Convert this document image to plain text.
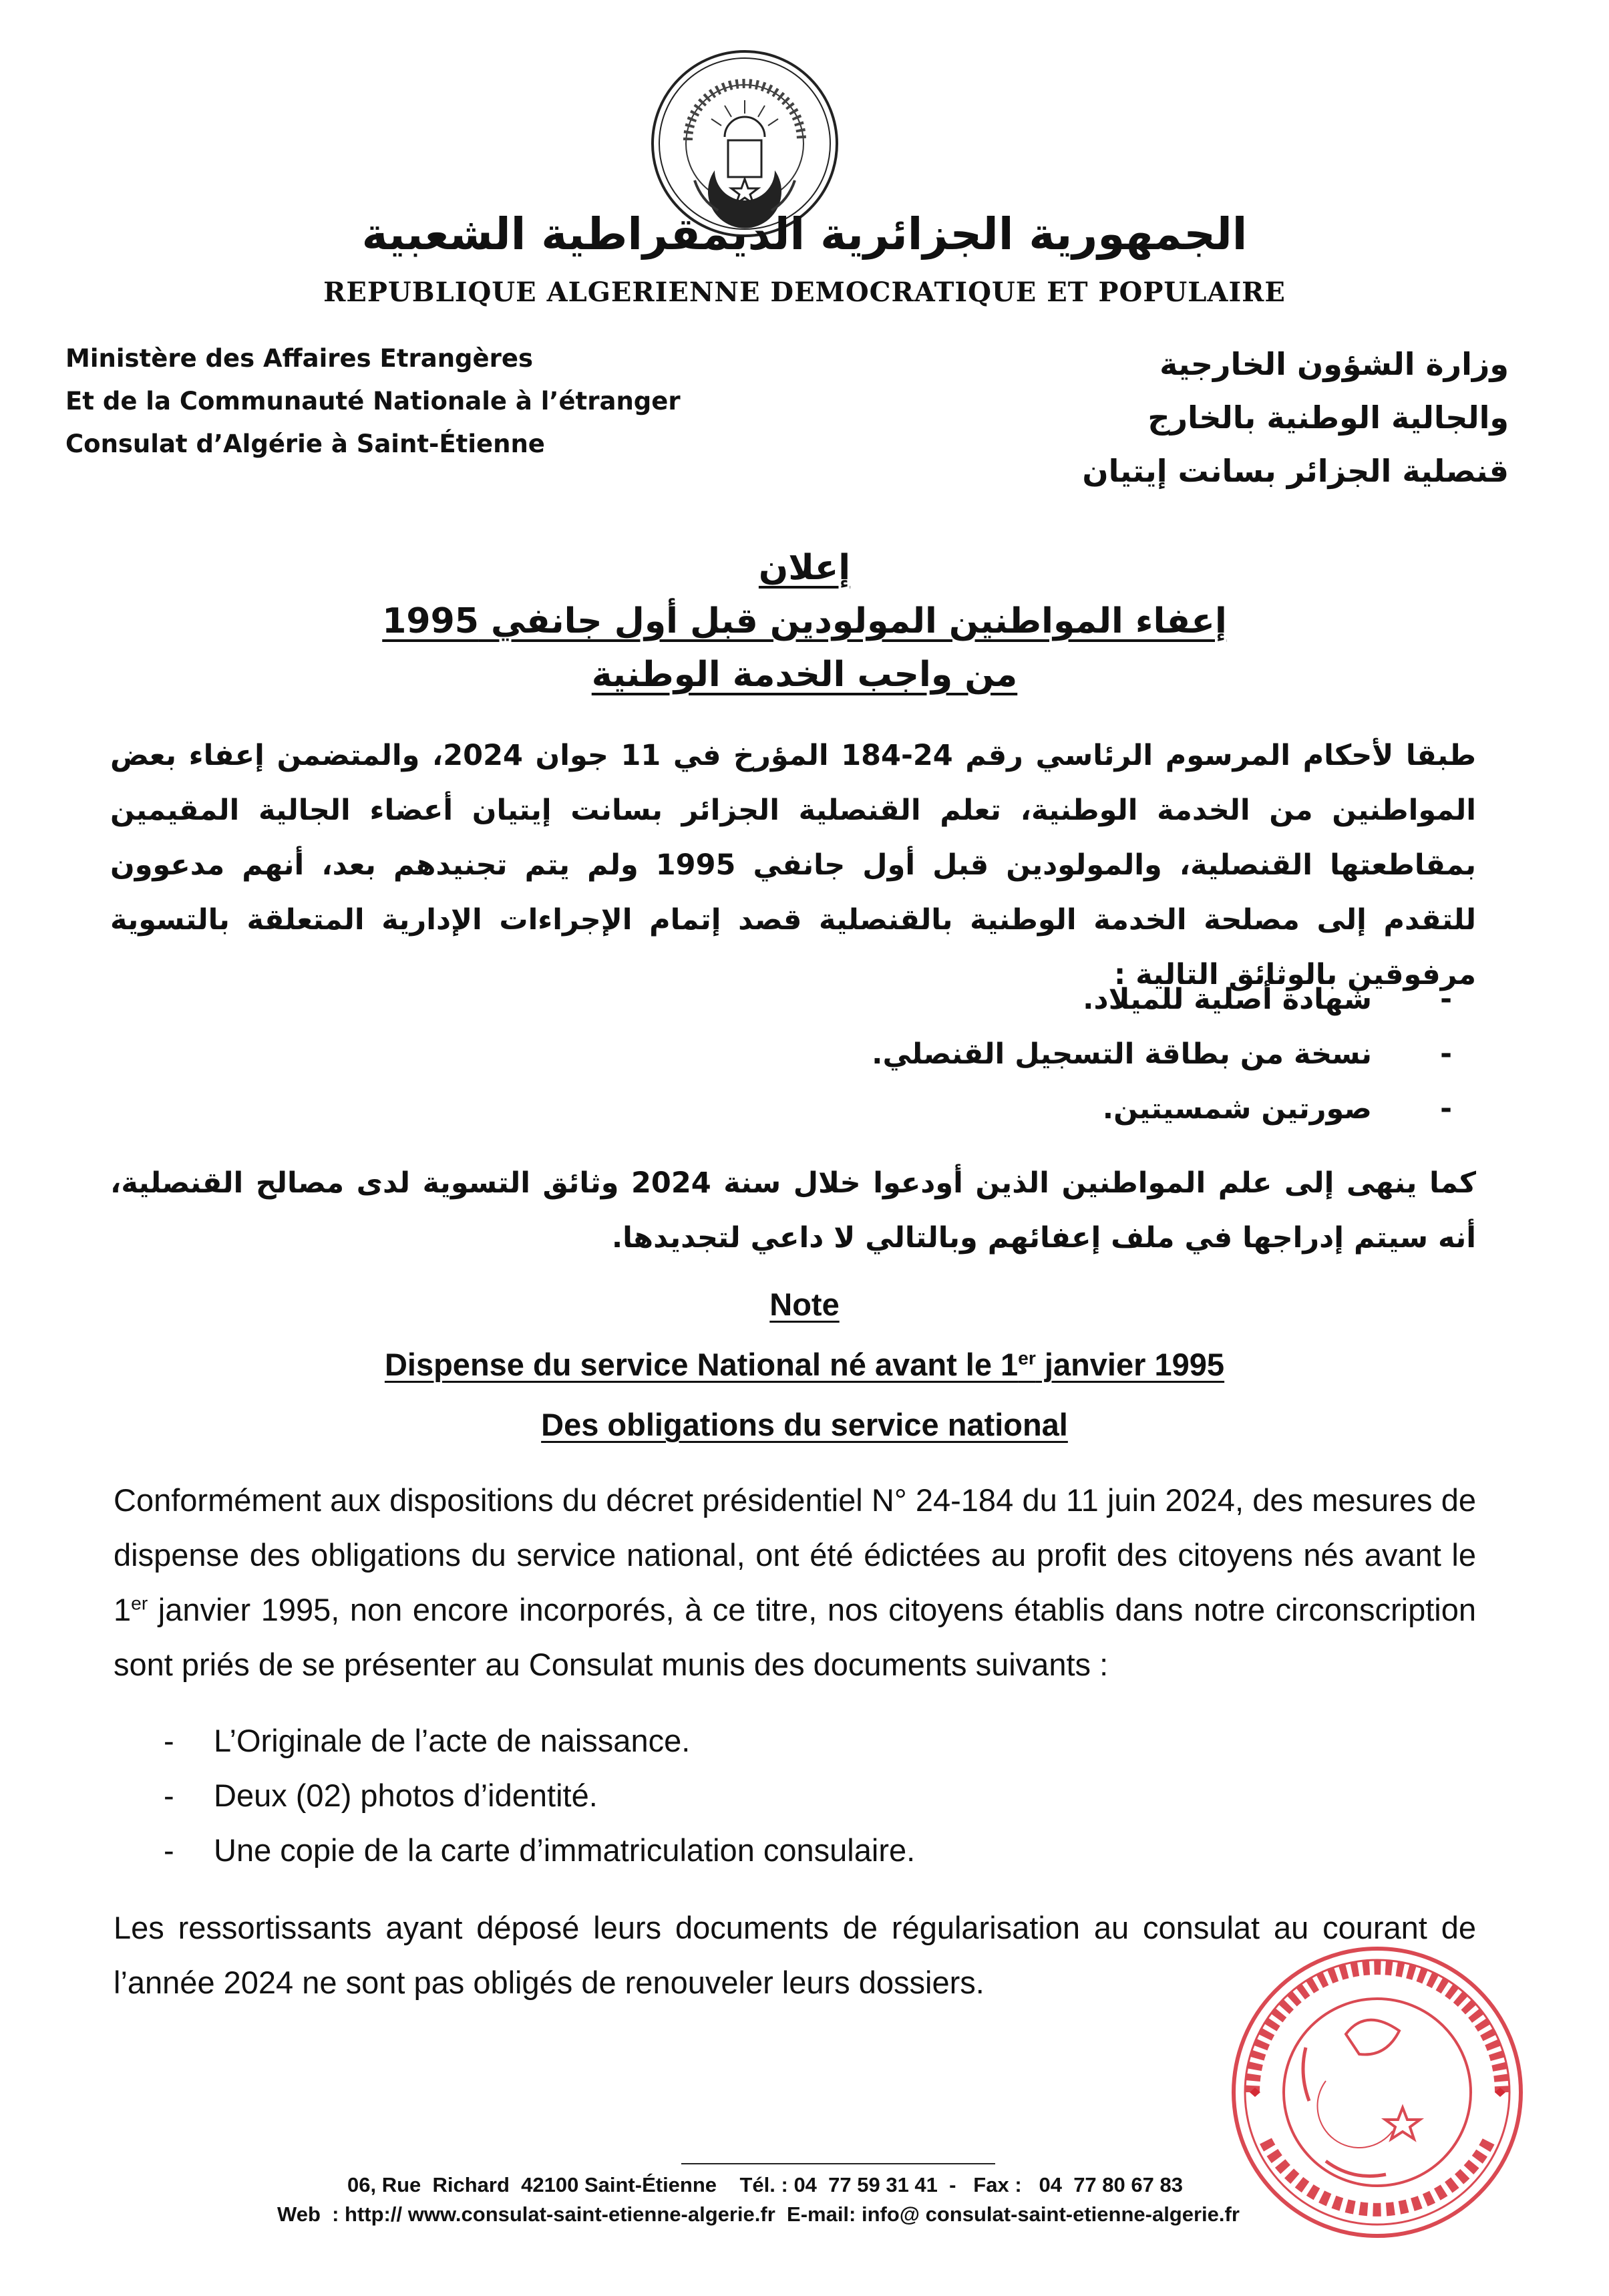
الجمهورية الجزائرية الديمقراطية الشعبية
REPUBLIQUE ALGERIENNE DEMOCRATIQUE ET POPULAIRE
Ministère des Affaires Etrangères
Et de la Communauté Nationale à l’étranger
Consulat d’Algérie à Saint-Étienne
وزارة الشؤون الخارجية
والجالية الوطنية بالخارج
قنصلية الجزائر بسانت إيتيان
إعلان
إعفاء المواطنين المولودين قبل أول جانفي 1995
من واجب الخدمة الوطنية
طبقا لأحكام المرسوم الرئاسي رقم 24-184 المؤرخ في 11 جوان 2024، والمتضمن إعفاء بعض المواطنين من الخدمة الوطنية، تعلم القنصلية الجزائر بسانت إيتيان أعضاء الجالية المقيمين بمقاطعتها القنصلية، والمولودين قبل أول جانفي 1995 ولم يتم تجنيدهم بعد، أنهم مدعوون للتقدم إلى مصلحة الخدمة الوطنية بالقنصلية قصد إتمام الإجراءات الإدارية المتعلقة بالتسوية مرفوقين بالوثائق التالية :
-
شهادة أصلية للميلاد.
-
نسخة من بطاقة التسجيل القنصلي.
-
صورتين شمسيتين.
كما ينهى إلى علم المواطنين الذين أودعوا خلال سنة 2024 وثائق التسوية لدى مصالح القنصلية، أنه سيتم إدراجها في ملف إعفائهم وبالتالي لا داعي لتجديدها.
Note
Dispense du service National né avant le 1er janvier 1995
Des obligations du service national
Conformément aux dispositions du décret présidentiel N° 24-184 du 11 juin 2024, des mesures de dispense des obligations du service national, ont été édictées au profit des citoyens nés avant le 1er janvier 1995, non encore incorporés, à ce titre, nos citoyens établis dans notre circonscription sont priés de se présenter au Consulat munis des documents suivants :
- L’Originale de l’acte de naissance.
- Deux (02) photos d’identité.
- Une copie de la carte d’immatriculation consulaire.
Les ressortissants ayant déposé leurs documents de régularisation au consulat au courant de l’année 2024 ne sont pas obligés de renouveler leurs dossiers.
06, Rue  Richard  42100 Saint-Étienne    Tél. : 04  77 59 31 41  -   Fax :   04  77 80 67 83
Web  : http:// www.consulat-saint-etienne-algerie.fr  E-mail: info@ consulat-saint-etienne-algerie.fr
